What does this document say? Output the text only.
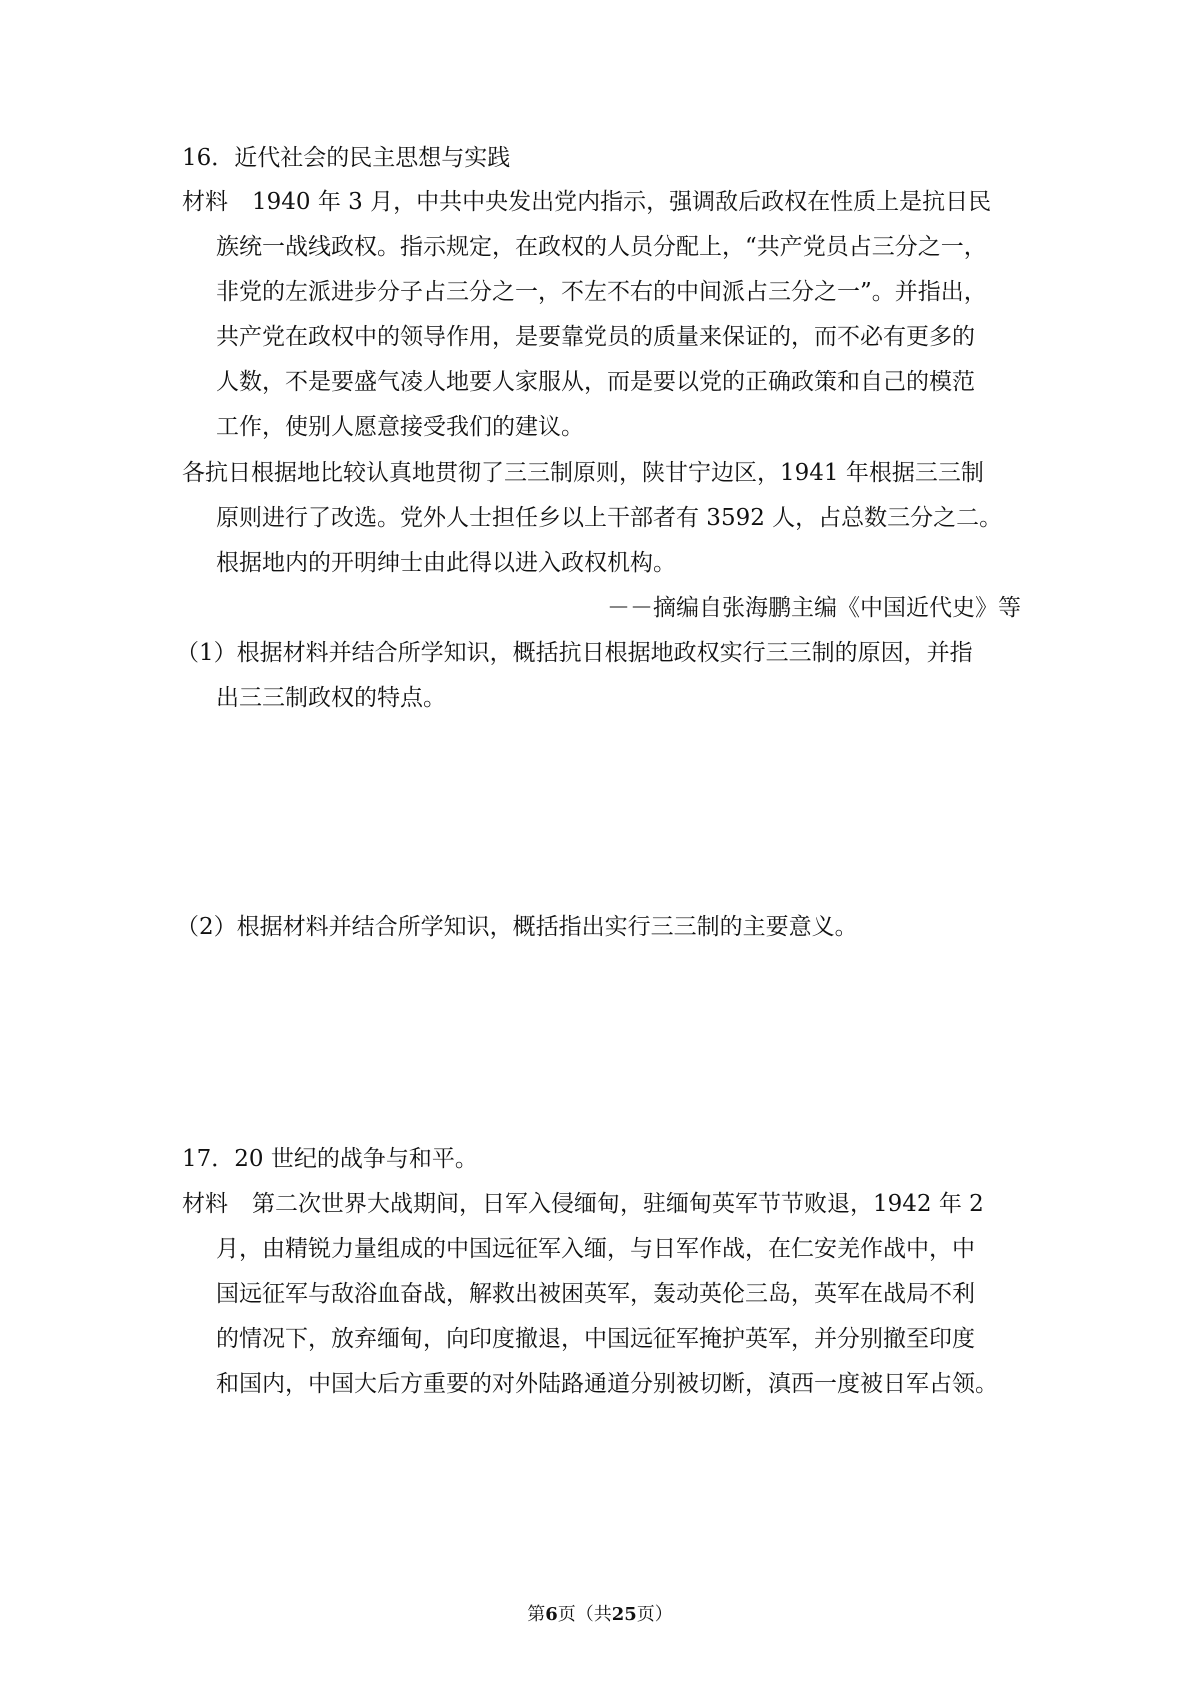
16．近代社会的民主思想与实践
材料 1940 年 3 月，中共中央发出党内指示，强调敌后政权在性质上是抗日民
族统一战线政权。指示规定，在政权的人员分配上，“共产党员占三分之一，
非党的左派进步分子占三分之一，不左不右的中间派占三分之一”。并指出，
共产党在政权中的领导作用，是要靠党员的质量来保证的，而不必有更多的
人数，不是要盛气凌人地要人家服从，而是要以党的正确政策和自己的模范
工作，使别人愿意接受我们的建议。
各抗日根据地比较认真地贯彻了三三制原则，陕甘宁边区，1941 年根据三三制
原则进行了改选。党外人士担任乡以上干部者有 3592 人，占总数三分之二。
根据地内的开明绅士由此得以进入政权机构。
－－摘编自张海鹏主编《中国近代史》等
（1）根据材料并结合所学知识，概括抗日根据地政权实行三三制的原因，并指
出三三制政权的特点。
（2）根据材料并结合所学知识，概括指出实行三三制的主要意义。
17．20 世纪的战争与和平。
材料 第二次世界大战期间，日军入侵缅甸，驻缅甸英军节节败退，1942 年 2
月，由精锐力量组成的中国远征军入缅，与日军作战，在仁安羌作战中，中
国远征军与敌浴血奋战，解救出被困英军，轰动英伦三岛，英军在战局不利
的情况下，放弃缅甸，向印度撤退，中国远征军掩护英军，并分别撤至印度
和国内，中国大后方重要的对外陆路通道分别被切断，滇西一度被日军占领。
第6页（共25页）
